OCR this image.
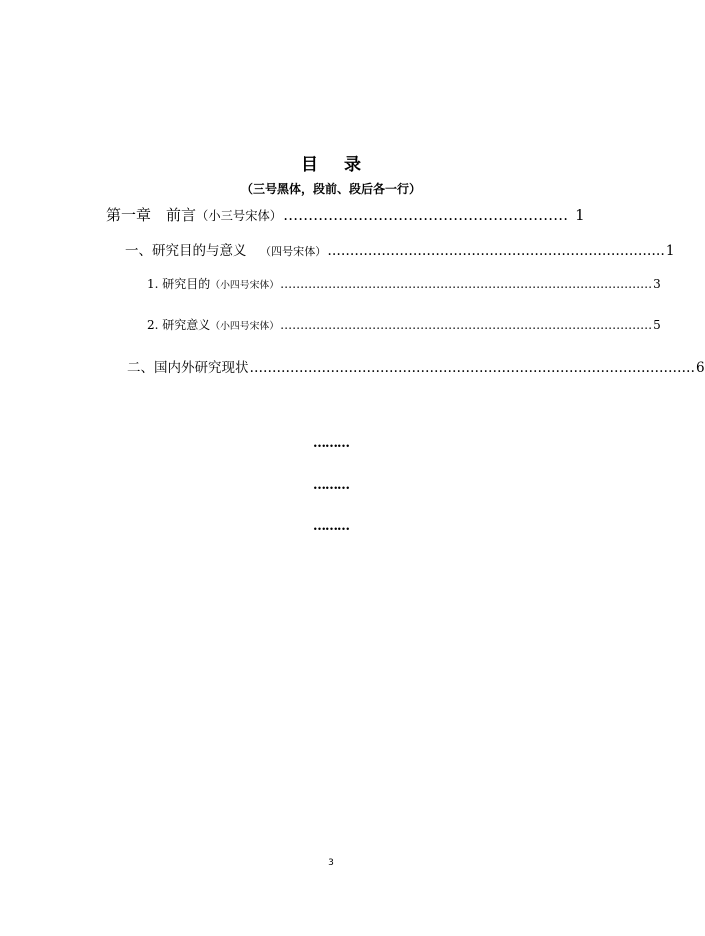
目 录
（三号黑体，段前、段后各一行）
第一章　前言 （小三号宋体） ………………………………………………… 1
一、研究目的与意义　 （四号宋体） ………………………………………………………………… 1
1. 研究目的 （小四号宋体） ………………………………………………………………………………… 3
2. 研究意义 （小四号宋体） ………………………………………………………………………………… 5
二、国内外研究现状 ……………………………………………………………………………………… 6
………
………
………
3
